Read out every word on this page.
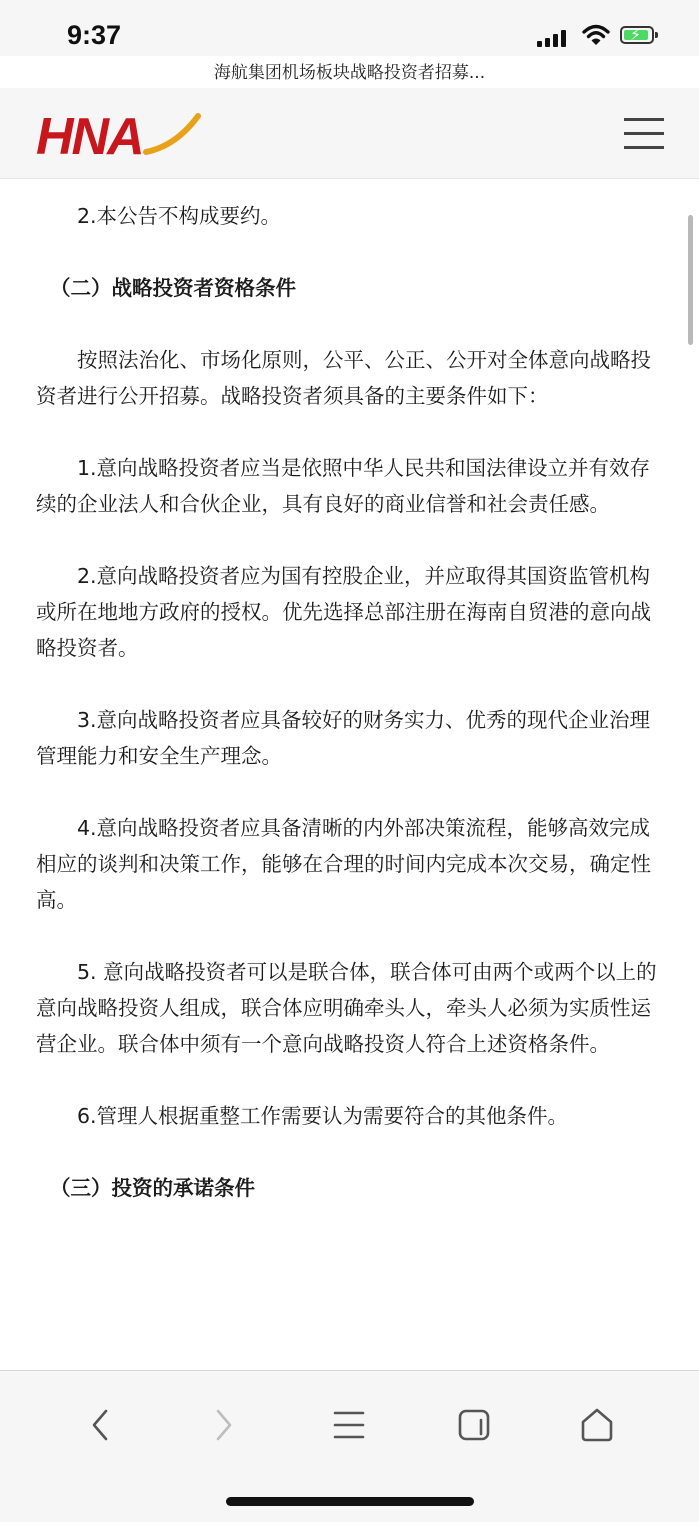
9:37	⚡
海航集团机场板块战略投资者招募...
HNA

2.本公告不构成要约。

（二）战略投资者资格条件

按照法治化、市场化原则，公平、公正、公开对全体意向战略投资者进行公开招募。战略投资者须具备的主要条件如下：

1.意向战略投资者应当是依照中华人民共和国法律设立并有效存续的企业法人和合伙企业，具有良好的商业信誉和社会责任感。

2.意向战略投资者应为国有控股企业，并应取得其国资监管机构或所在地地方政府的授权。优先选择总部注册在海南自贸港的意向战略投资者。

3.意向战略投资者应具备较好的财务实力、优秀的现代企业治理管理能力和安全生产理念。

4.意向战略投资者应具备清晰的内外部决策流程，能够高效完成相应的谈判和决策工作，能够在合理的时间内完成本次交易，确定性高。

5. 意向战略投资者可以是联合体，联合体可由两个或两个以上的意向战略投资人组成，联合体应明确牵头人，牵头人必须为实质性运营企业。联合体中须有一个意向战略投资人符合上述资格条件。

6.管理人根据重整工作需要认为需要符合的其他条件。

（三）投资的承诺条件
